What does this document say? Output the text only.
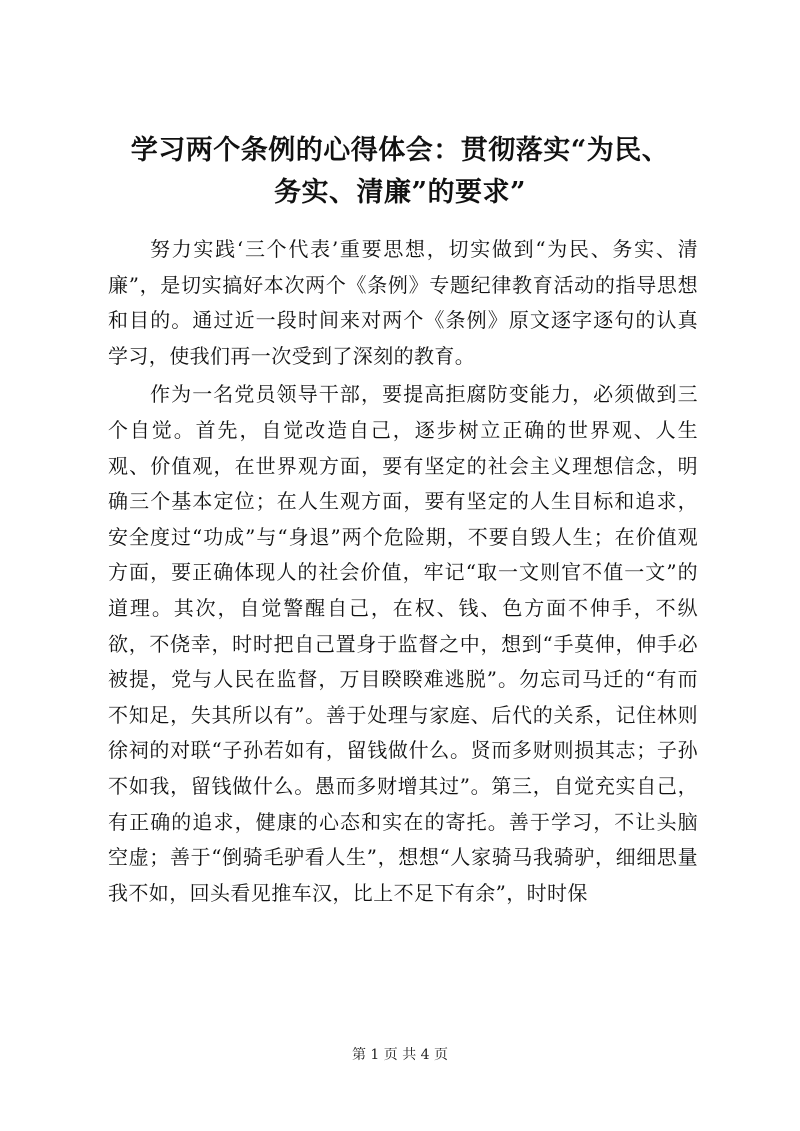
学习两个条例的心得体会：贯彻落实“为民、
务实、清廉”的要求”

努力实践‘三个代表’重要思想，切实做到“为民、务实、清廉”，是切实搞好本次两个《条例》专题纪律教育活动的指导思想和目的。通过近一段时间来对两个《条例》原文逐字逐句的认真学习，使我们再一次受到了深刻的教育。

作为一名党员领导干部，要提高拒腐防变能力，必须做到三个自觉。首先，自觉改造自己，逐步树立正确的世界观、人生观、价值观，在世界观方面，要有坚定的社会主义理想信念，明确三个基本定位；在人生观方面，要有坚定的人生目标和追求，安全度过“功成”与“身退”两个危险期，不要自毁人生；在价值观方面，要正确体现人的社会价值，牢记“取一文则官不值一文”的道理。其次，自觉警醒自己，在权、钱、色方面不伸手，不纵欲，不侥幸，时时把自己置身于监督之中，想到“手莫伸，伸手必被提，党与人民在监督，万目睽睽难逃脱”。勿忘司马迁的“有而不知足，失其所以有”。善于处理与家庭、后代的关系，记住林则徐祠的对联“子孙若如有，留钱做什么。贤而多财则损其志；子孙不如我，留钱做什么。愚而多财增其过”。第三，自觉充实自己，有正确的追求，健康的心态和实在的寄托。善于学习，不让头脑空虚；善于“倒骑毛驴看人生”，想想“人家骑马我骑驴，细细思量我不如，回头看见推车汉，比上不足下有余”，时时保

第 1 页 共 4 页
